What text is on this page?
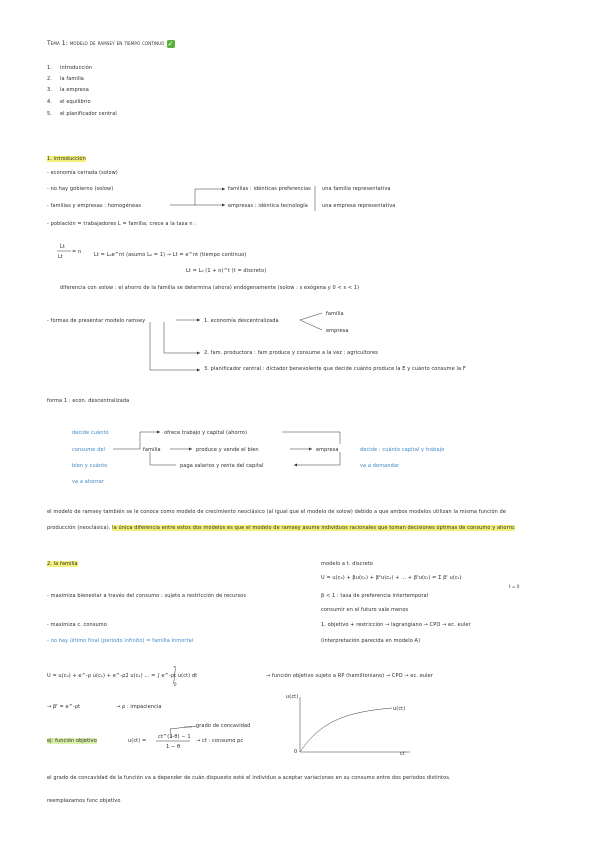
Tema 1: modelo de ramsey en tiempo continuo ✓
1. introducción
2. la familia
3. la empresa
4. el equilibrio
5. el planificador central
1. introducción
- economía cerrada (solow)
- no hay gobierno (solow)
- familias y empresas : homogéneas
- población = trabajadores L = familia; crece a la tasa n :
familias : idénticas preferencias
empresas : idéntica tecnología
una familia representativa
una empresa representativa
L̇t
Lt
= n	Lt = L₀e^nt (asumo L₀ = 1) → Lt = e^nt (tiempo continuo)
Lt = L₀ (1 + n)^t (t = discreto)
diferencia con solow : el ahorro de la familia se determina (ahora) endógenamente (solow : s exógena y 0 < s < 1)
- formas de presentar modelo ramsey	1. economía descentralizada
familia
empresa
2. fam. productora : fam produce y consume a la vez : agricultores
3. planificador central : dictador benevolente que decide cuánto produce la E y cuánto consume la F
forma 1 : econ. descentralizada
decide cuánto
consume del
bien y cuánto
va a ahorrar
ofrece trabajo y capital (ahorro)
familia	produce y vende el bien	empresa	decide : cuánto capital y trabajo
va a demandar
paga salarios y renta del capital
el modelo de ramsey también se le conoce como modelo de crecimiento neoclásico (al igual que el modelo de solow) debido a que ambos modelos utilizan la misma función de
producción (neoclásica). la única diferencia entre estos dos modelos es que el modelo de ramsey asume individuos racionales que toman decisiones óptimas de consumo y ahorro.
2. la familia
- maximiza bienestar a través del consumo : sujeto a restricción de recursos
- maximiza c. consumo
- no hay último final (periodo infinito) = familia inmortal
modelo a t. discreto
U = u(c₀) + βu(c₁) + β²u(c₂) + ... + βᵗu(cₜ) = Σ βᵗ u(cₜ)
t = 0
β < 1 : tasa de preferencia intertemporal
consumir en el futuro vale menos
1. objetivo + restricción → lagrangiano → CPO → ec. euler
(interpretación parecida en modelo A)
U = u(c₀) + e^-ρ u(c₁) + e^-ρ2 u(c₂) ... = ∫ e^-ρt u(ct) dt
∞
0
→ función objetivo sujeto a RP (hamiltoniano) → CPO → ec. euler
→ βᵗ = e^-ρt	→ ρ : impaciencia
grado de concavidad
ej: función objetivo	u(ct) =
ct^(1-θ) − 1
1 − θ
→ ct : consumo pc
u(ct)
u(ct)
0	ct
el grado de concavidad de la función va a depender de cuán dispuesto esté el individuo a aceptar variaciones en su consumo entre dos periodos distintos.
reemplazamos func objetivo
